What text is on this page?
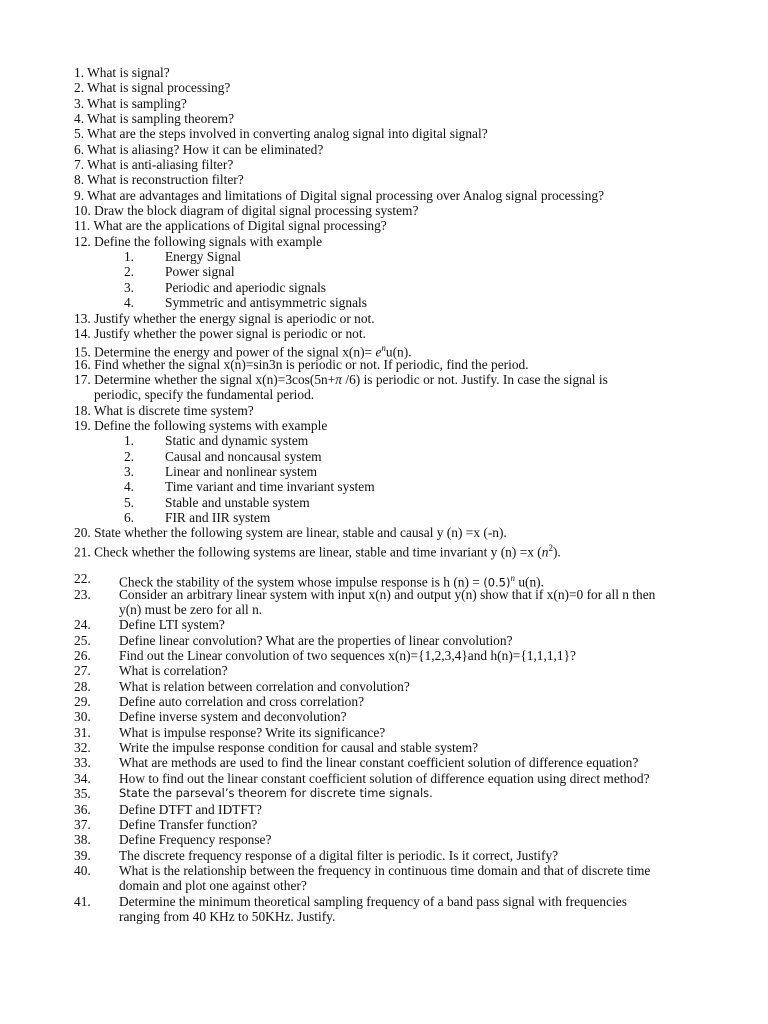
1. What is signal?
2. What is signal processing?
3. What is sampling?
4. What is sampling theorem?
5. What are the steps involved in converting analog signal into digital signal?
6. What is aliasing? How it can be eliminated?
7. What is anti-aliasing filter?
8. What is reconstruction filter?
9. What are advantages and limitations of Digital signal processing over Analog signal processing?
10. Draw the block diagram of digital signal processing system?
11. What are the applications of Digital signal processing?
12. Define the following signals with example
1. Energy Signal
2. Power signal
3. Periodic and aperiodic signals
4. Symmetric and antisymmetric signals
13. Justify whether the energy signal is aperiodic or not.
14. Justify whether the power signal is periodic or not.
15. Determine the energy and power of the signal $x(n)= e^nu(n)$.
16. Find whether the signal x(n)=sin3n is periodic or not. If periodic, find the period.
17. Determine whether the signal x(n)=3cos(5n+π /6) is periodic or not. Justify. In case the signal is
periodic, specify the fundamental period.
18. What is discrete time system?
19. Define the following systems with example
1. Static and dynamic system
2. Causal and noncausal system
3. Linear and nonlinear system
4. Time variant and time invariant system
5. Stable and unstable system
6. FIR and IIR system
20. State whether the following system are linear, stable and causal y (n) =x (-n).
21. Check whether the following systems are linear, stable and time invariant y (n) =x $(n^2)$.
22. Check the stability of the system whose impulse response is h $(n) = (0.5)^n$ u(n).
23. Consider an arbitrary linear system with input x(n) and output y(n) show that if x(n)=0 for all n then
y(n) must be zero for all n.
24. Define LTI system?
25. Define linear convolution? What are the properties of linear convolution?
26. Find out the Linear convolution of two sequences x(n)={1,2,3,4}and h(n)={1,1,1,1}?
27. What is correlation?
28. What is relation between correlation and convolution?
29. Define auto correlation and cross correlation?
30. Define inverse system and deconvolution?
31. What is impulse response? Write its significance?
32. Write the impulse response condition for causal and stable system?
33. What are methods are used to find the linear constant coefficient solution of difference equation?
34. How to find out the linear constant coefficient solution of difference equation using direct method?
35. State the parseval’s theorem for discrete time signals.
36. Define DTFT and IDTFT?
37. Define Transfer function?
38. Define Frequency response?
39. The discrete frequency response of a digital filter is periodic. Is it correct, Justify?
40. What is the relationship between the frequency in continuous time domain and that of discrete time
domain and plot one against other?
41. Determine the minimum theoretical sampling frequency of a band pass signal with frequencies
ranging from 40 KHz to 50KHz. Justify.
